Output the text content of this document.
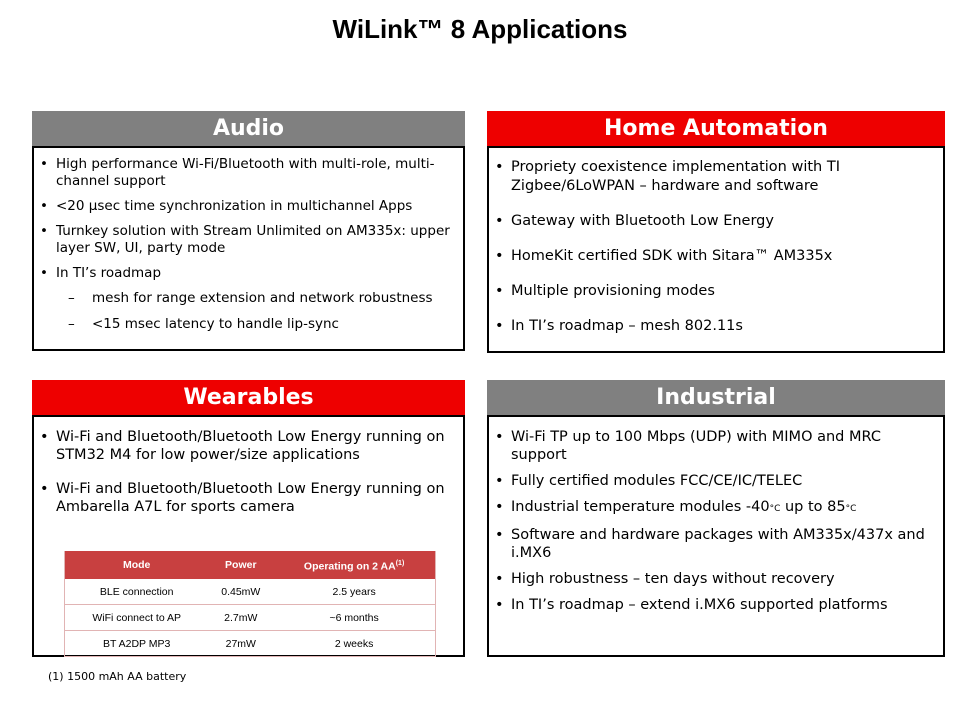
WiLink™ 8 Applications
Audio
• High performance Wi-Fi/Bluetooth with multi-role, multi- channel support
• <20 μsec time synchronization in multichannel Apps
• Turnkey solution with Stream Unlimited on AM335x: upper layer SW, UI, party mode
• In TI’s roadmap
– mesh for range extension and network robustness
– <15 msec latency to handle lip-sync
Home Automation
• Propriety coexistence implementation with TI Zigbee/6LoWPAN – hardware and software
• Gateway with Bluetooth Low Energy
• HomeKit certified SDK with Sitara™ AM335x
• Multiple provisioning modes
• In TI’s roadmap – mesh 802.11s
Wearables
• Wi-Fi and Bluetooth/Bluetooth Low Energy running on STM32 M4 for low power/size applications
• Wi-Fi and Bluetooth/Bluetooth Low Energy running on Ambarella A7L for sports camera
Mode	Power	Operating on 2 AA$^{(1)}$
BLE connection	0.45mW	2.5 years
WiFi connect to AP	2.7mW	~6 months
BT A2DP MP3	27mW	2 weeks
Industrial
• Wi-Fi TP up to 100 Mbps (UDP) with MIMO and MRC support
• Fully certified modules FCC/CE/IC/TELEC
• Industrial temperature modules -40°C up to 85°C
• Software and hardware packages with AM335x/437x and i.MX6
• High robustness – ten days without recovery
• In TI’s roadmap – extend i.MX6 supported platforms
(1) 1500 mAh AA battery
